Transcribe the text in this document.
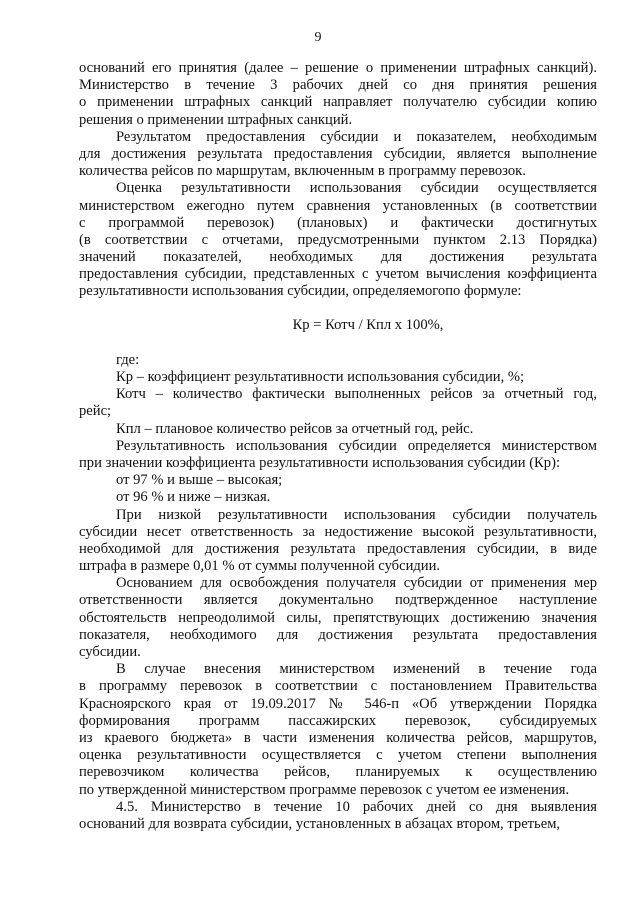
9
оснований его принятия (далее – решение о применении штрафных санкций).
Министерство в течение 3 рабочих дней со дня принятия решения
о применении штрафных санкций направляет получателю субсидии копию
решения о применении штрафных санкций.
Результатом предоставления субсидии и показателем, необходимым
для достижения результата предоставления субсидии, является выполнение
количества рейсов по маршрутам, включенным в программу перевозок.
Оценка результативности использования субсидии осуществляется
министерством ежегодно путем сравнения установленных (в соответствии
с программой перевозок) (плановых) и фактически достигнутых
(в соответствии с отчетами, предусмотренными пунктом 2.13 Порядка)
значений показателей, необходимых для достижения результата
предоставления субсидии, представленных с учетом вычисления коэффициента
результативности использования субсидии, определяемогопо формуле:
Кр = Котч / Кпл x 100%,
где:
Кр – коэффициент результативности использования субсидии, %;
Котч – количество фактически выполненных рейсов за отчетный год,
рейс;
Кпл – плановое количество рейсов за отчетный год, рейс.
Результативность использования субсидии определяется министерством
при значении коэффициента результативности использования субсидии (Кр):
от 97 % и выше – высокая;
от 96 % и ниже – низкая.
При низкой результативности использования субсидии получатель
субсидии несет ответственность за недостижение высокой результативности,
необходимой для достижения результата предоставления субсидии, в виде
штрафа в размере 0,01 % от суммы полученной субсидии.
Основанием для освобождения получателя субсидии от применения мер
ответственности является документально подтвержденное наступление
обстоятельств непреодолимой силы, препятствующих достижению значения
показателя, необходимого для достижения результата предоставления
субсидии.
В случае внесения министерством изменений в течение года
в программу перевозок в соответствии с постановлением Правительства
Красноярского края от 19.09.2017 № 546-п «Об утверждении Порядка
формирования программ пассажирских перевозок, субсидируемых
из краевого бюджета» в части изменения количества рейсов, маршрутов,
оценка результативности осуществляется с учетом степени выполнения
перевозчиком количества рейсов, планируемых к осуществлению
по утвержденной министерством программе перевозок с учетом ее изменения.
4.5. Министерство в течение 10 рабочих дней со дня выявления
оснований для возврата субсидии, установленных в абзацах втором, третьем,
